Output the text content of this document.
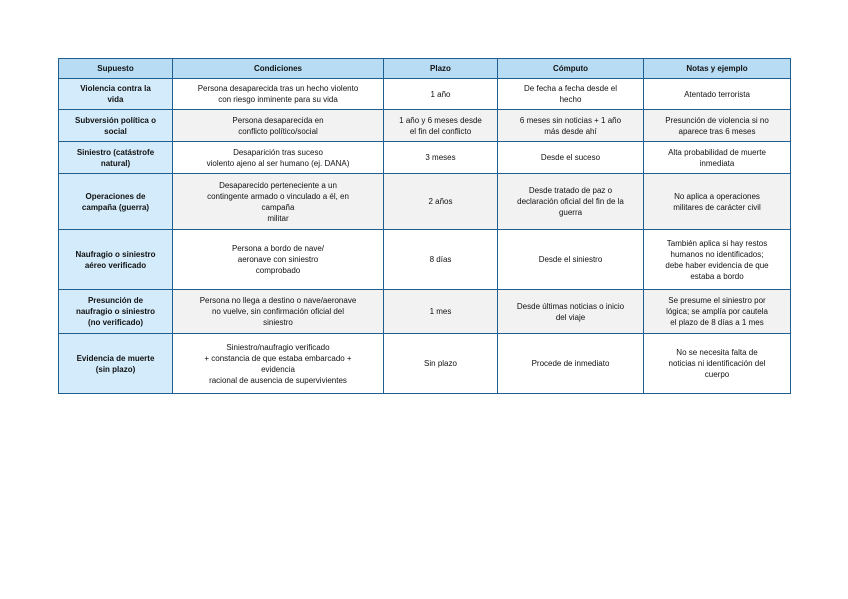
Supuesto	Condiciones	Plazo	Cómputo	Notas y ejemplo

Violencia contra la
vida	Persona desaparecida tras un hecho violento
con riesgo inminente para su vida	1 año	De fecha a fecha desde el
hecho	Atentado terrorista

Subversión política o
social	Persona desaparecida en
conflicto político/social	1 año y 6 meses desde
el fin del conflicto	6 meses sin noticias + 1 año
más desde ahí	Presunción de violencia si no
aparece tras 6 meses

Siniestro (catástrofe
natural)	Desaparición tras suceso
violento ajeno al ser humano (ej. DANA)	3 meses	Desde el suceso	Alta probabilidad de muerte
inmediata

Operaciones de
campaña (guerra)	Desaparecido perteneciente a un
contingente armado o vinculado a él, en
campaña
militar	2 años	Desde tratado de paz o
declaración oficial del fin de la
guerra	No aplica a operaciones
militares de carácter civil

Naufragio o siniestro
aéreo verificado	Persona a bordo de nave/
aeronave con siniestro
comprobado	8 días	Desde el siniestro	También aplica si hay restos
humanos no identificados;
debe haber evidencia de que
estaba a bordo

Presunción de
naufragio o siniestro
(no verificado)	Persona no llega a destino o nave/aeronave
no vuelve, sin confirmación oficial del
siniestro	1 mes	Desde últimas noticias o inicio
del viaje	Se presume el siniestro por
lógica; se amplía por cautela
el plazo de 8 días a 1 mes

Evidencia de muerte
(sin plazo)	Siniestro/naufragio verificado
+ constancia de que estaba embarcado +
evidencia
racional de ausencia de supervivientes	Sin plazo	Procede de inmediato	No se necesita falta de
noticias ni identificación del
cuerpo
